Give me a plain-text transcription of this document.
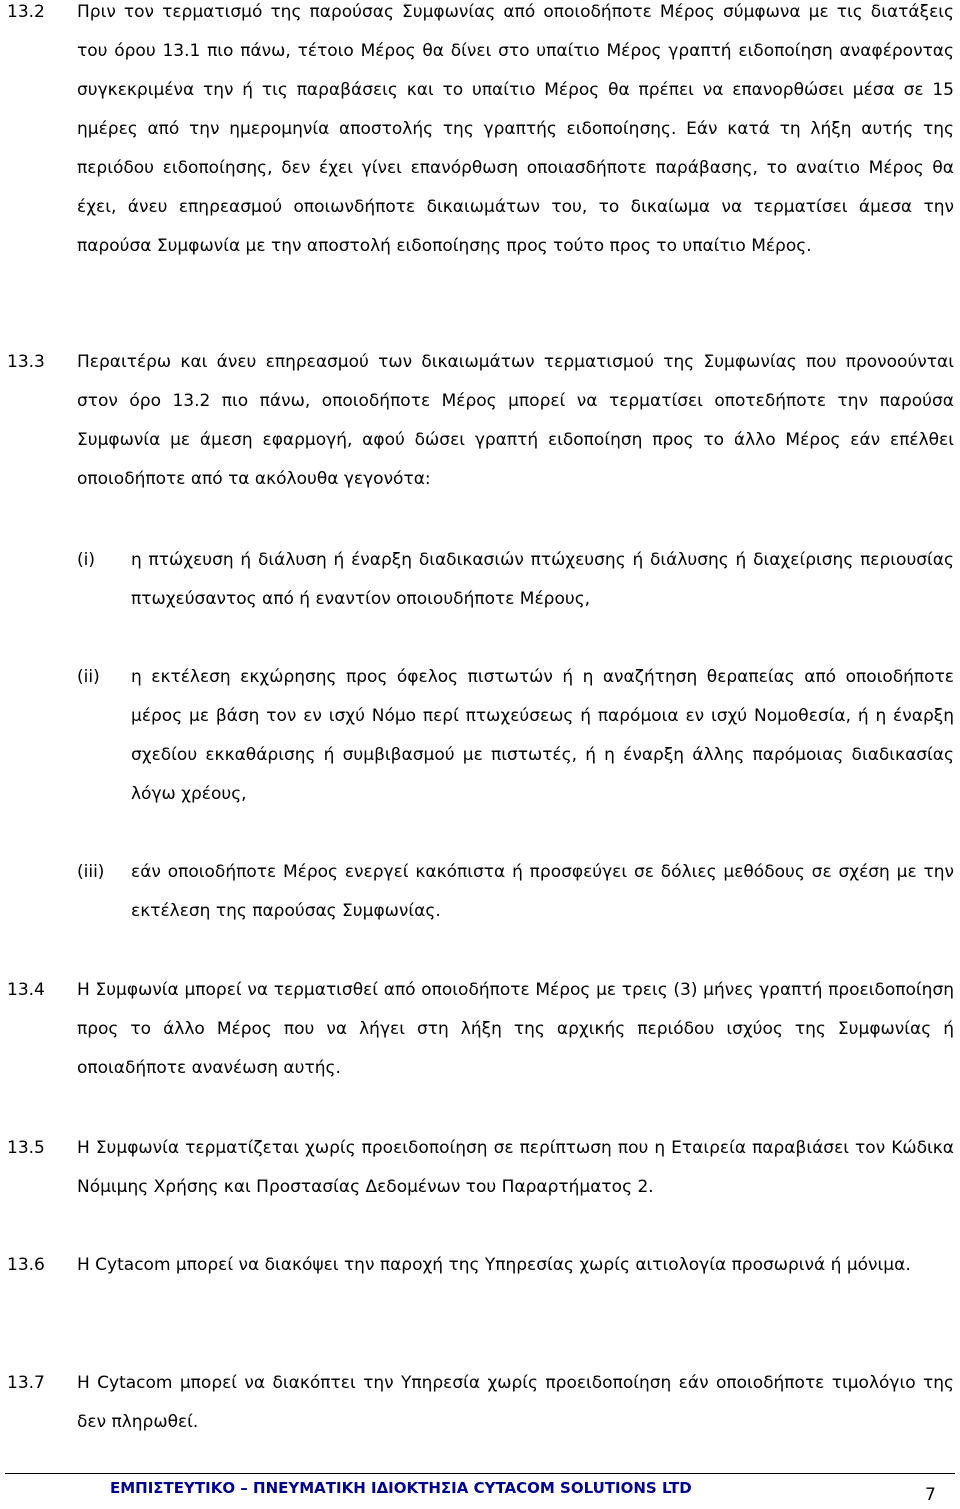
13.2 Πριν τον τερματισμό της παρούσας Συμφωνίας από οποιοδήποτε Μέρος σύμφωνα με τις διατάξεις του όρου 13.1 πιο πάνω, τέτοιο Μέρος θα δίνει στο υπαίτιο Μέρος γραπτή ειδοποίηση αναφέροντας συγκεκριμένα την ή τις παραβάσεις και το υπαίτιο Μέρος θα πρέπει να επανορθώσει μέσα σε 15 ημέρες από την ημερομηνία αποστολής της γραπτής ειδοποίησης. Εάν κατά τη λήξη αυτής της περιόδου ειδοποίησης, δεν έχει γίνει επανόρθωση οποιασδήποτε παράβασης, το αναίτιο Μέρος θα έχει, άνευ επηρεασμού οποιωνδήποτε δικαιωμάτων του, το δικαίωμα να τερματίσει άμεσα την παρούσα Συμφωνία με την αποστολή ειδοποίησης προς τούτο προς το υπαίτιο Μέρος.
13.3 Περαιτέρω και άνευ επηρεασμού των δικαιωμάτων τερματισμού της Συμφωνίας που προνοούνται στον όρο 13.2 πιο πάνω, οποιοδήποτε Μέρος μπορεί να τερματίσει οποτεδήποτε την παρούσα Συμφωνία με άμεση εφαρμογή, αφού δώσει γραπτή ειδοποίηση προς το άλλο Μέρος εάν επέλθει οποιοδήποτε από τα ακόλουθα γεγονότα:
(i) η πτώχευση ή διάλυση ή έναρξη διαδικασιών πτώχευσης ή διάλυσης ή διαχείρισης περιουσίας πτωχεύσαντος από ή εναντίον οποιουδήποτε Μέρους,
(ii) η εκτέλεση εκχώρησης προς όφελος πιστωτών ή η αναζήτηση θεραπείας από οποιοδήποτε μέρος με βάση τον εν ισχύ Νόμο περί πτωχεύσεως ή παρόμοια εν ισχύ Νομοθεσία, ή η έναρξη σχεδίου εκκαθάρισης ή συμβιβασμού με πιστωτές, ή η έναρξη άλλης παρόμοιας διαδικασίας λόγω χρέους,
(iii) εάν οποιοδήποτε Μέρος ενεργεί κακόπιστα ή προσφεύγει σε δόλιες μεθόδους σε σχέση με την εκτέλεση της παρούσας Συμφωνίας.
13.4 Η Συμφωνία μπορεί να τερματισθεί από οποιοδήποτε Μέρος με τρεις (3) μήνες γραπτή προειδοποίηση προς το άλλο Μέρος που να λήγει στη λήξη της αρχικής περιόδου ισχύος της Συμφωνίας ή οποιαδήποτε ανανέωση αυτής.
13.5 Η Συμφωνία τερματίζεται χωρίς προειδοποίηση σε περίπτωση που η Εταιρεία παραβιάσει τον Κώδικα Νόμιμης Χρήσης και Προστασίας Δεδομένων του Παραρτήματος 2.
13.6 Η Cytacom μπορεί να διακόψει την παροχή της Υπηρεσίας χωρίς αιτιολογία προσωρινά ή μόνιμα.
13.7 Η Cytacom μπορεί να διακόπτει την Υπηρεσία χωρίς προειδοποίηση εάν οποιοδήποτε τιμολόγιο της δεν πληρωθεί.
ΕΜΠΙΣΤΕΥΤΙΚΟ – ΠΝΕΥΜΑΤΙΚΗ ΙΔΙΟΚΤΗΣΙΑ CYTACOM SOLUTIONS LTD	7
